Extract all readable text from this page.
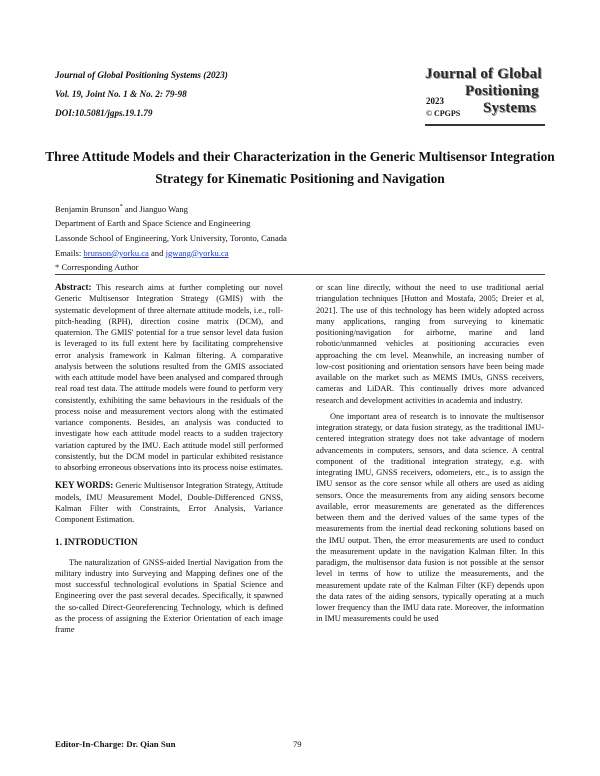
Journal of Global Positioning Systems (2023)
Vol. 19, Joint No. 1 & No. 2: 79-98
DOI:10.5081/jgps.19.1.79
Journal of Global
Positioning
Systems
2023
© CPGPS
Three Attitude Models and their Characterization in the Generic Multisensor Integration Strategy for Kinematic Positioning and Navigation
Benjamin Brunson* and Jianguo Wang
Department of Earth and Space Science and Engineering
Lassonde School of Engineering, York University, Toronto, Canada
Emails: brunson@yorku.ca and jgwang@yorku.ca
* Corresponding Author

Abstract: This research aims at further completing our novel Generic Multisensor Integration Strategy (GMIS) with the systematic development of three alternate attitude models, i.e., roll-pitch-heading (RPH), direction cosine matrix (DCM), and quaternion. The GMIS' potential for a true sensor level data fusion is leveraged to its full extent here by facilitating comprehensive error analysis framework in Kalman filtering. A comparative analysis between the solutions resulted from the GMIS associated with each attitude model have been analysed and compared through real road test data. The attitude models were found to perform very consistently, exhibiting the same behaviours in the residuals of the process noise and measurement vectors along with the estimated variance components. Besides, an analysis was conducted to investigate how each attitude model reacts to a sudden trajectory variation captured by the IMU. Each attitude model still performed consistently, but the DCM model in particular exhibited resistance to absorbing erroneous observations into its process noise estimates.

KEY WORDS: Generic Multisensor Integration Strategy, Attitude models, IMU Measurement Model, Double-Differenced GNSS, Kalman Filter with Constraints, Error Analysis, Variance Component Estimation.

1. INTRODUCTION

The naturalization of GNSS-aided Inertial Navigation from the military industry into Surveying and Mapping defines one of the most successful technological evolutions in Spatial Science and Engineering over the past several decades. Specifically, it spawned the so-called Direct-Georeferencing Technology, which is defined as the process of assigning the Exterior Orientation of each image frame

or scan line directly, without the need to use traditional aerial triangulation techniques [Hutton and Mostafa, 2005; Dreier et al, 2021]. The use of this technology has been widely adopted across many applications, ranging from surveying to kinematic positioning/navigation for airborne, marine and land robotic/unmanned vehicles at positioning accuracies even approaching the cm level. Meanwhile, an increasing number of low-cost positioning and orientation sensors have been being made available on the market such as MEMS IMUs, GNSS receivers, cameras and LiDAR. This continually drives more advanced research and development activities in academia and industry.

One important area of research is to innovate the multisensor integration strategy, or data fusion strategy, as the traditional IMU-centered integration strategy does not take advantage of modern advancements in computers, sensors, and data science. A central component of the traditional integration strategy, e.g. with integrating IMU, GNSS receivers, odometers, etc., is to assign the IMU sensor as the core sensor while all others are used as aiding sensors. Once the measurements from any aiding sensors become available, error measurements are generated as the differences between them and the derived values of the same types of the measurements from the inertial dead reckoning solutions based on the IMU output. Then, the error measurements are used to conduct the measurement update in the navigation Kalman filter. In this paradigm, the multisensor data fusion is not possible at the sensor level in terms of how to utilize the measurements, and the measurement update rate of the Kalman Filter (KF) depends upon the data rates of the aiding sensors, typically operating at a much lower frequency than the IMU data rate. Moreover, the information in IMU measurements could be used

Editor-In-Charge: Dr. Qian Sun	79
